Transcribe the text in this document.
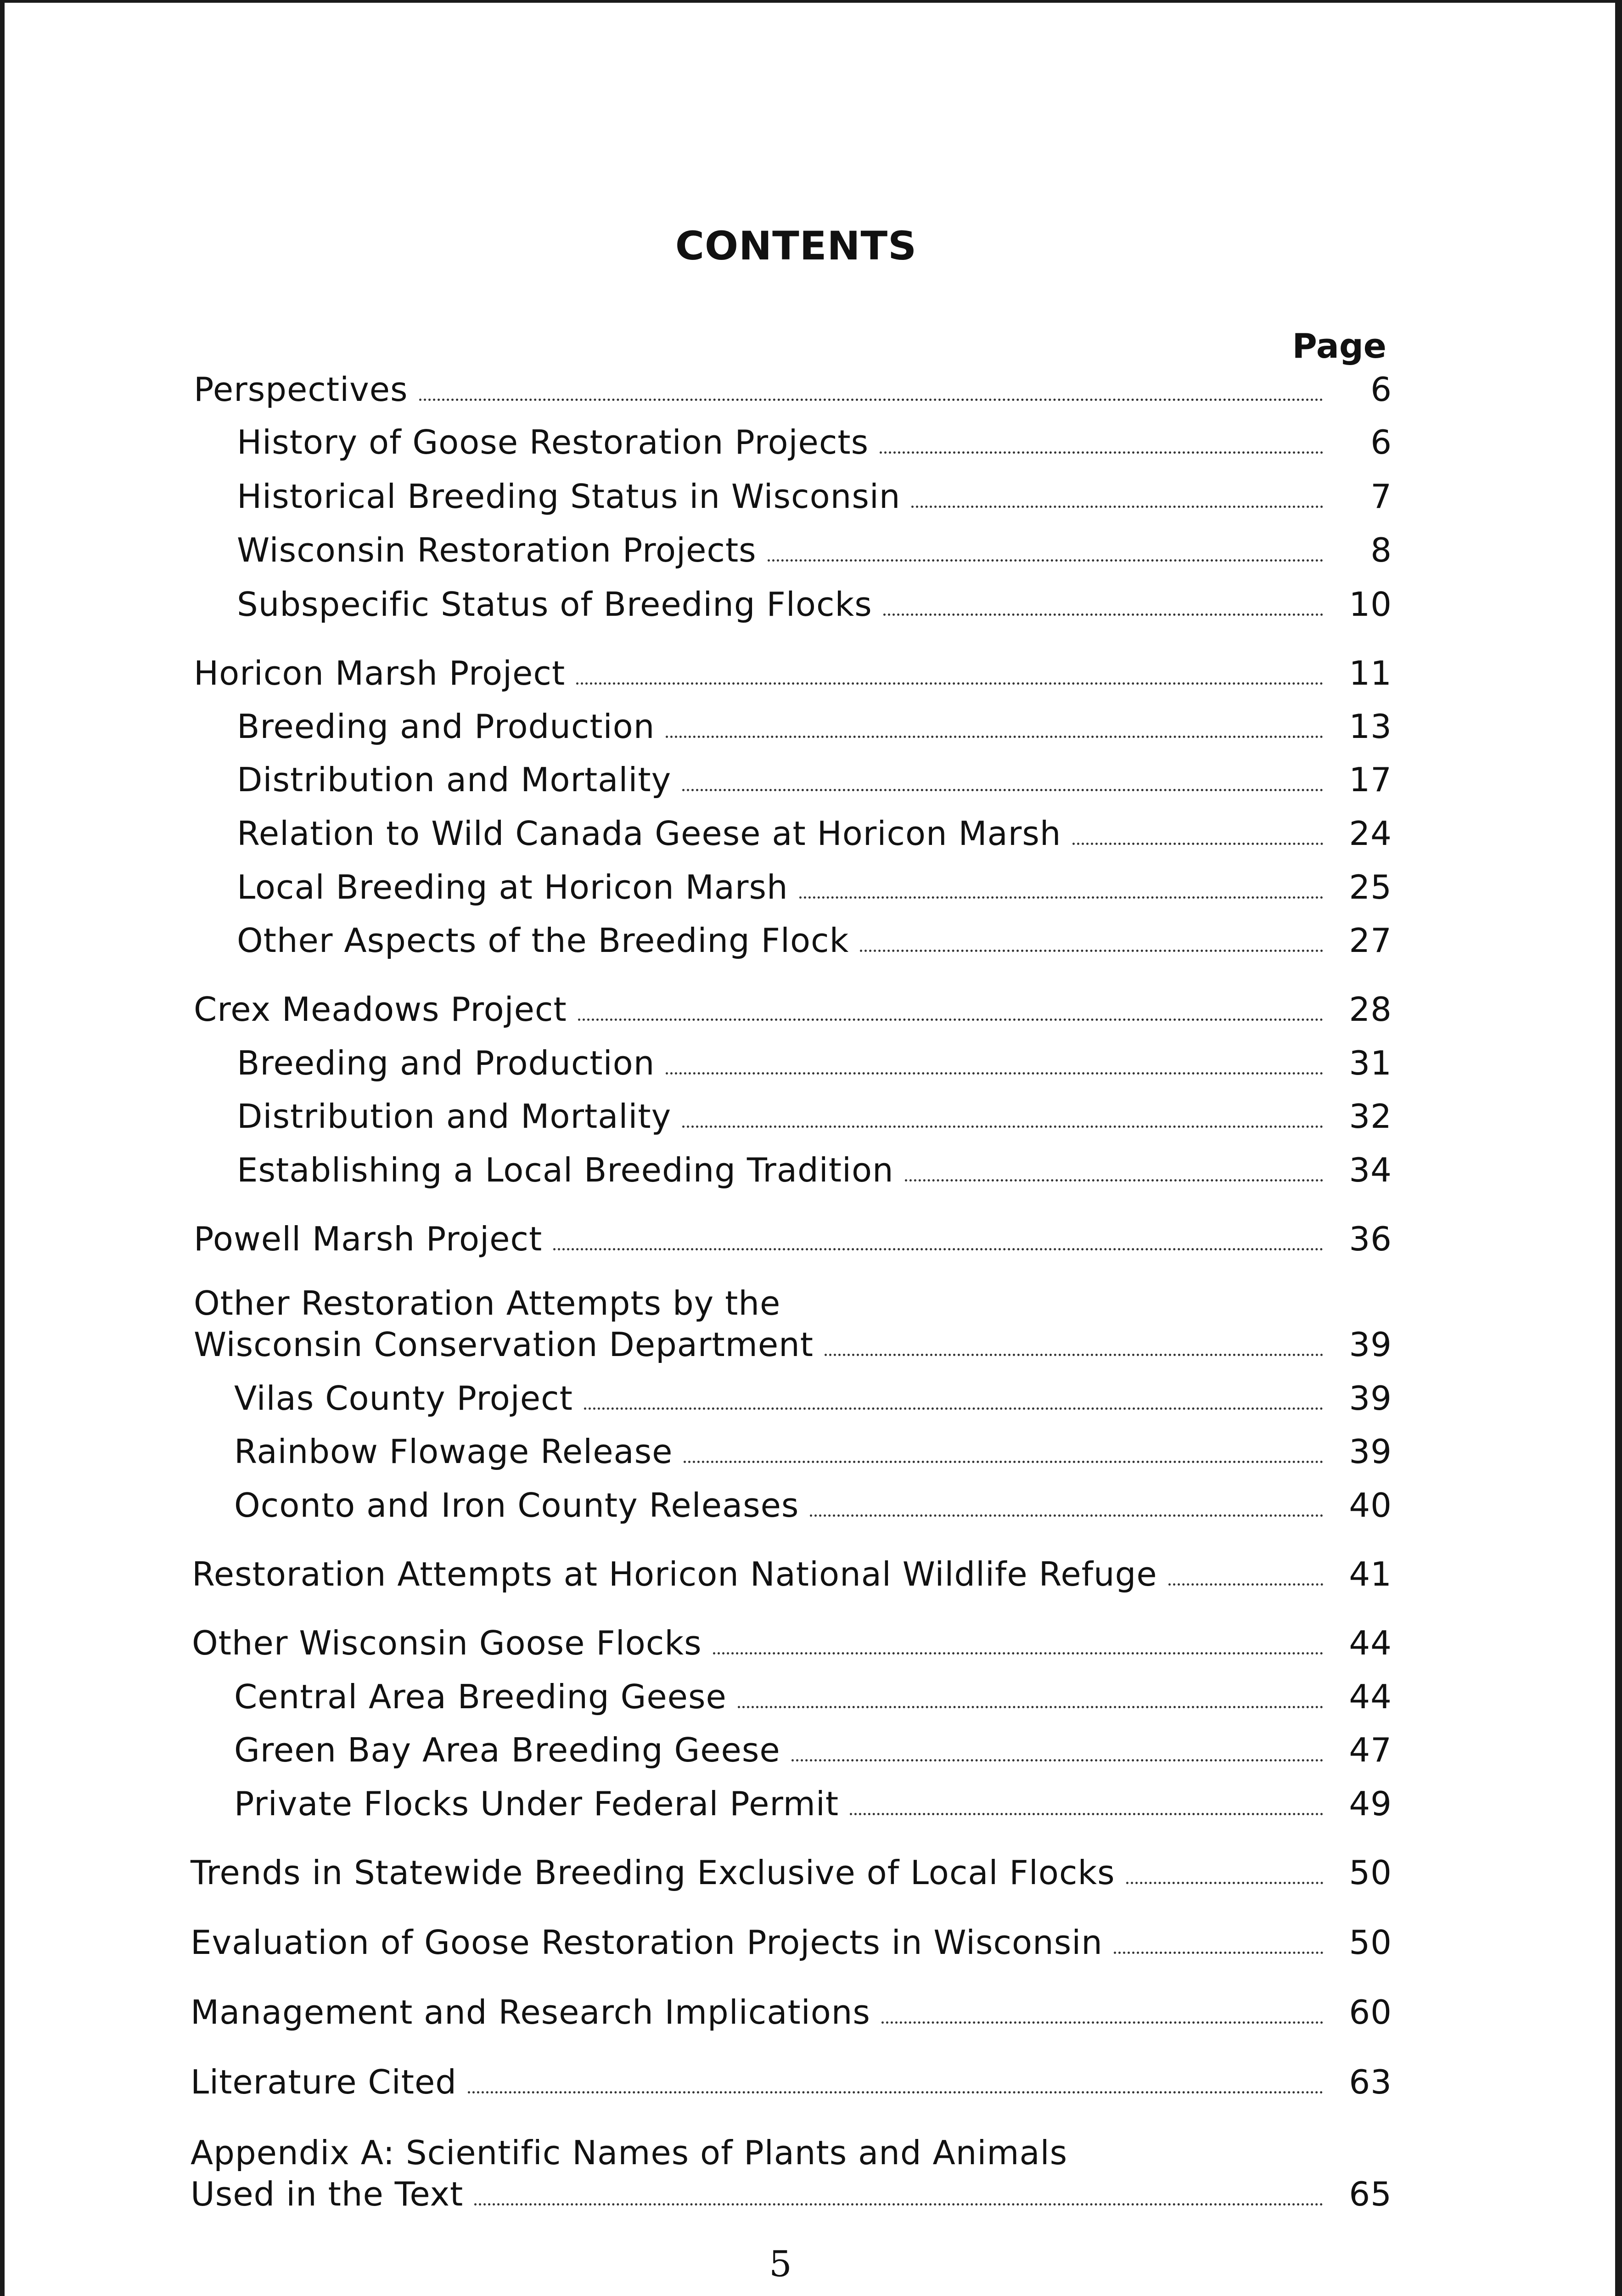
CONTENTS
Page
Perspectives	6
History of Goose Restoration Projects	6
Historical Breeding Status in Wisconsin	7
Wisconsin Restoration Projects	8
Subspecific Status of Breeding Flocks	10
Horicon Marsh Project	11
Breeding and Production	13
Distribution and Mortality	17
Relation to Wild Canada Geese at Horicon Marsh	24
Local Breeding at Horicon Marsh	25
Other Aspects of the Breeding Flock	27
Crex Meadows Project	28
Breeding and Production	31
Distribution and Mortality	32
Establishing a Local Breeding Tradition	34
Powell Marsh Project	36
Other Restoration Attempts by the
Wisconsin Conservation Department	39
Vilas County Project	39
Rainbow Flowage Release	39
Oconto and Iron County Releases	40
Restoration Attempts at Horicon National Wildlife Refuge	41
Other Wisconsin Goose Flocks	44
Central Area Breeding Geese	44
Green Bay Area Breeding Geese	47
Private Flocks Under Federal Permit	49
Trends in Statewide Breeding Exclusive of Local Flocks	50
Evaluation of Goose Restoration Projects in Wisconsin	50
Management and Research Implications	60
Literature Cited	63
Appendix A: Scientific Names of Plants and Animals
Used in the Text	65
5
